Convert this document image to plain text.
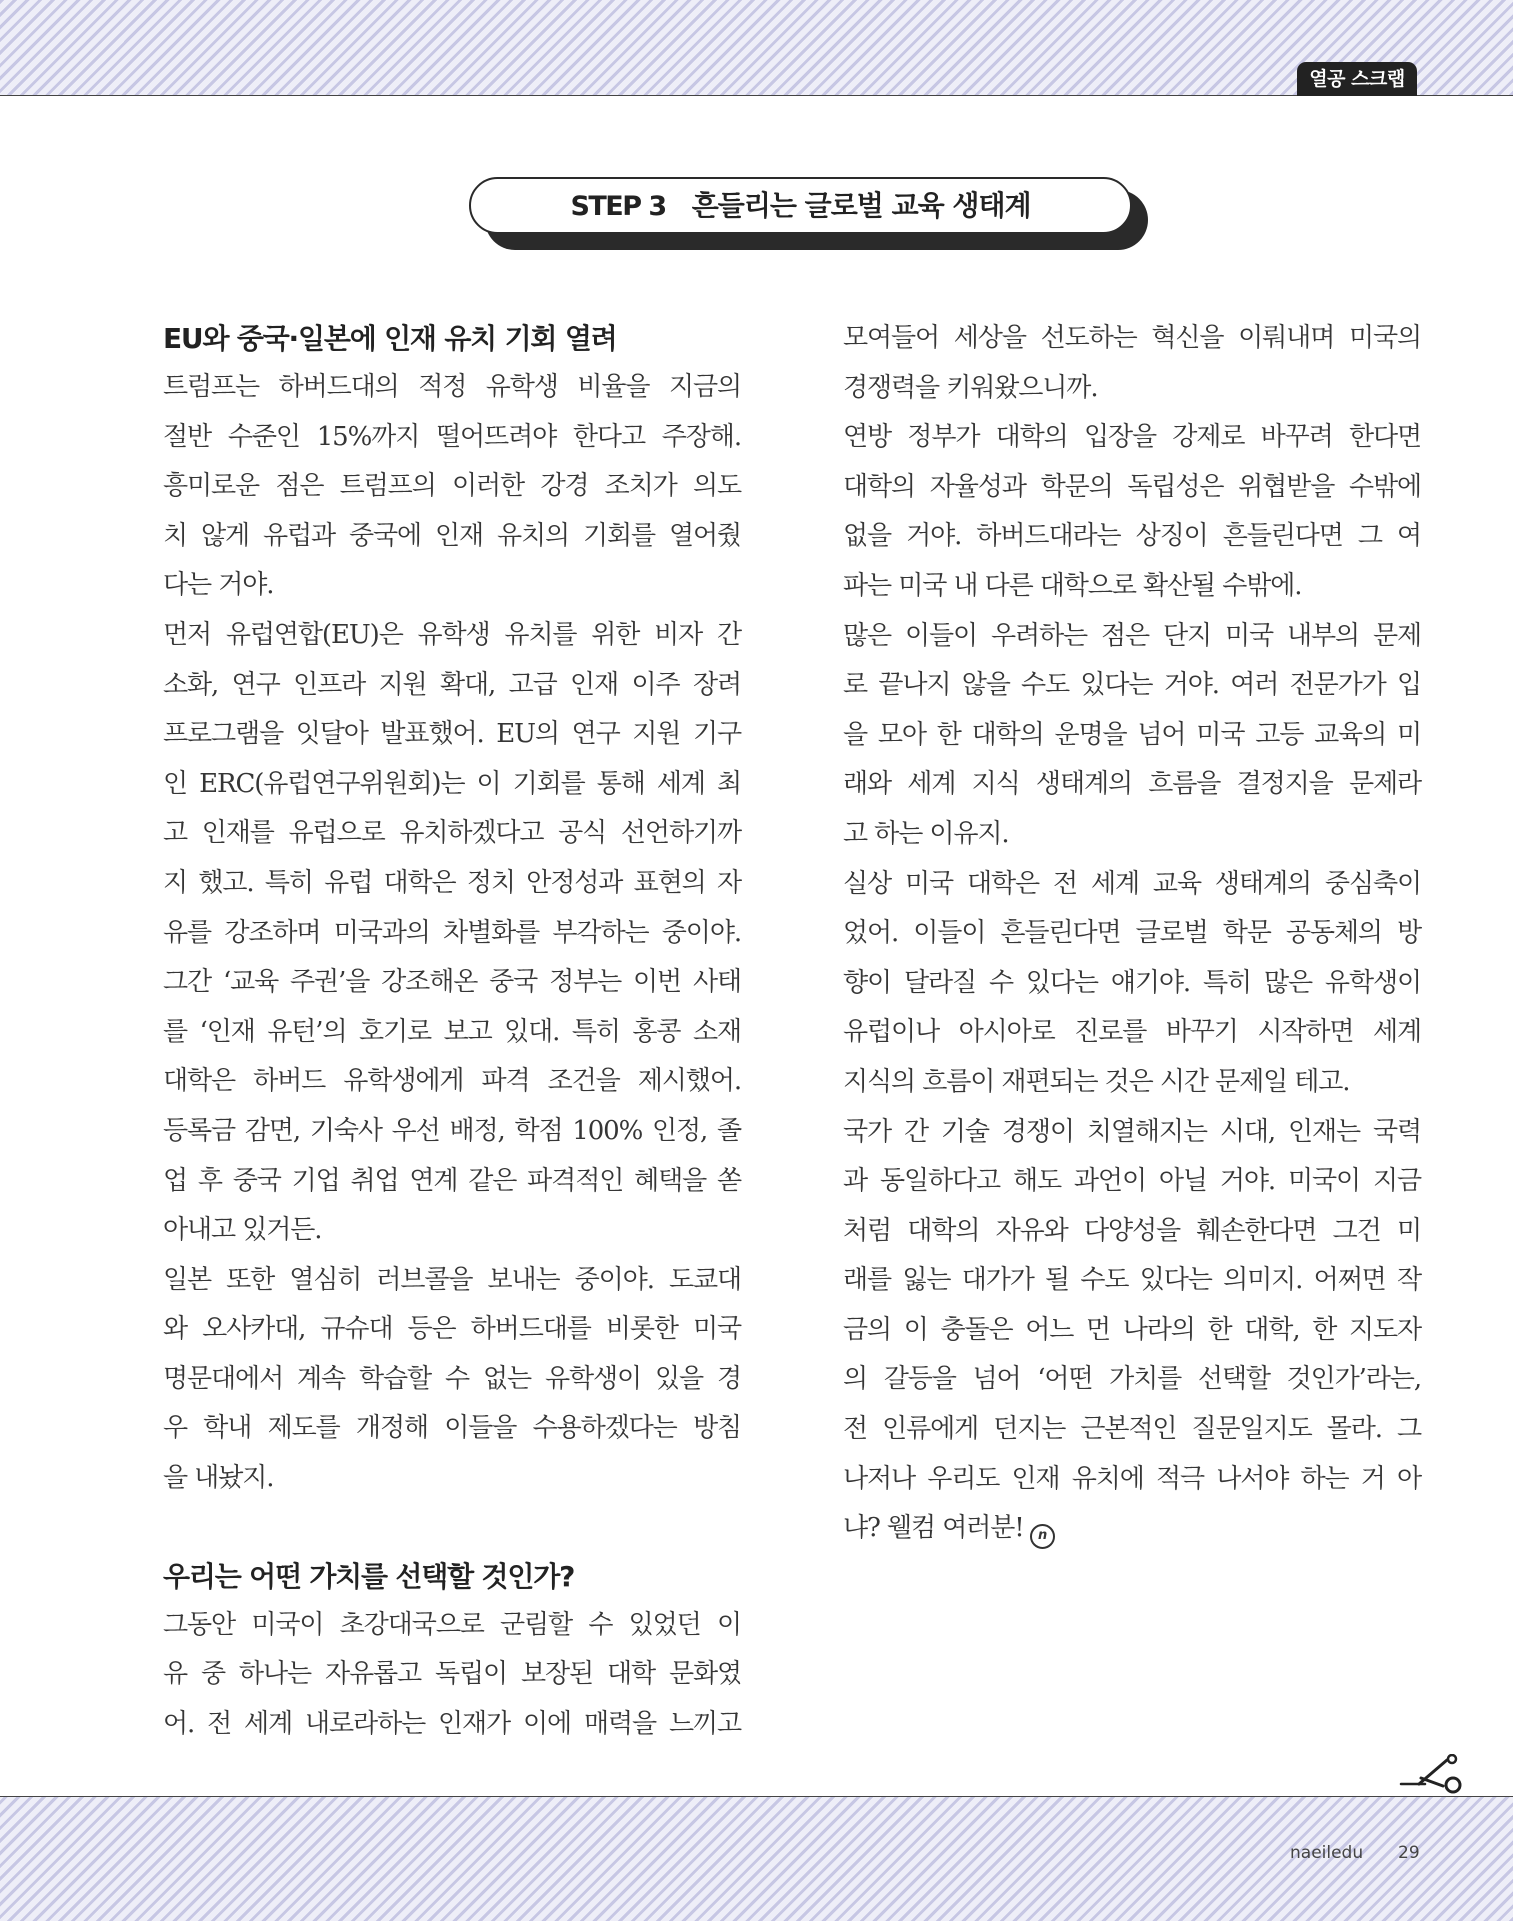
열공 스크랩
STEP 3 흔들리는 글로벌 교육 생태계
EU와 중국·일본에 인재 유치 기회 열려
트럼프는 하버드대의 적정 유학생 비율을 지금의
절반 수준인 15%까지 떨어뜨려야 한다고 주장해.
흥미로운 점은 트럼프의 이러한 강경 조치가 의도
치 않게 유럽과 중국에 인재 유치의 기회를 열어줬
다는 거야.
먼저 유럽연합(EU)은 유학생 유치를 위한 비자 간
소화, 연구 인프라 지원 확대, 고급 인재 이주 장려
프로그램을 잇달아 발표했어. EU의 연구 지원 기구
인 ERC(유럽연구위원회)는 이 기회를 통해 세계 최
고 인재를 유럽으로 유치하겠다고 공식 선언하기까
지 했고. 특히 유럽 대학은 정치 안정성과 표현의 자
유를 강조하며 미국과의 차별화를 부각하는 중이야.
그간 ‘교육 주권’을 강조해온 중국 정부는 이번 사태
를 ‘인재 유턴’의 호기로 보고 있대. 특히 홍콩 소재
대학은 하버드 유학생에게 파격 조건을 제시했어.
등록금 감면, 기숙사 우선 배정, 학점 100% 인정, 졸
업 후 중국 기업 취업 연계 같은 파격적인 혜택을 쏟
아내고 있거든.
일본 또한 열심히 러브콜을 보내는 중이야. 도쿄대
와 오사카대, 규슈대 등은 하버드대를 비롯한 미국
명문대에서 계속 학습할 수 없는 유학생이 있을 경
우 학내 제도를 개정해 이들을 수용하겠다는 방침
을 내놨지.
우리는 어떤 가치를 선택할 것인가?
그동안 미국이 초강대국으로 군림할 수 있었던 이
유 중 하나는 자유롭고 독립이 보장된 대학 문화였
어. 전 세계 내로라하는 인재가 이에 매력을 느끼고
모여들어 세상을 선도하는 혁신을 이뤄내며 미국의
경쟁력을 키워왔으니까.
연방 정부가 대학의 입장을 강제로 바꾸려 한다면
대학의 자율성과 학문의 독립성은 위협받을 수밖에
없을 거야. 하버드대라는 상징이 흔들린다면 그 여
파는 미국 내 다른 대학으로 확산될 수밖에.
많은 이들이 우려하는 점은 단지 미국 내부의 문제
로 끝나지 않을 수도 있다는 거야. 여러 전문가가 입
을 모아 한 대학의 운명을 넘어 미국 고등 교육의 미
래와 세계 지식 생태계의 흐름을 결정지을 문제라
고 하는 이유지.
실상 미국 대학은 전 세계 교육 생태계의 중심축이
었어. 이들이 흔들린다면 글로벌 학문 공동체의 방
향이 달라질 수 있다는 얘기야. 특히 많은 유학생이
유럽이나 아시아로 진로를 바꾸기 시작하면 세계
지식의 흐름이 재편되는 것은 시간 문제일 테고.
국가 간 기술 경쟁이 치열해지는 시대, 인재는 국력
과 동일하다고 해도 과언이 아닐 거야. 미국이 지금
처럼 대학의 자유와 다양성을 훼손한다면 그건 미
래를 잃는 대가가 될 수도 있다는 의미지. 어쩌면 작
금의 이 충돌은 어느 먼 나라의 한 대학, 한 지도자
의 갈등을 넘어 ‘어떤 가치를 선택할 것인가’라는,
전 인류에게 던지는 근본적인 질문일지도 몰라. 그
나저나 우리도 인재 유치에 적극 나서야 하는 거 아
냐? 웰컴 여러분! n
naeiledu 29
